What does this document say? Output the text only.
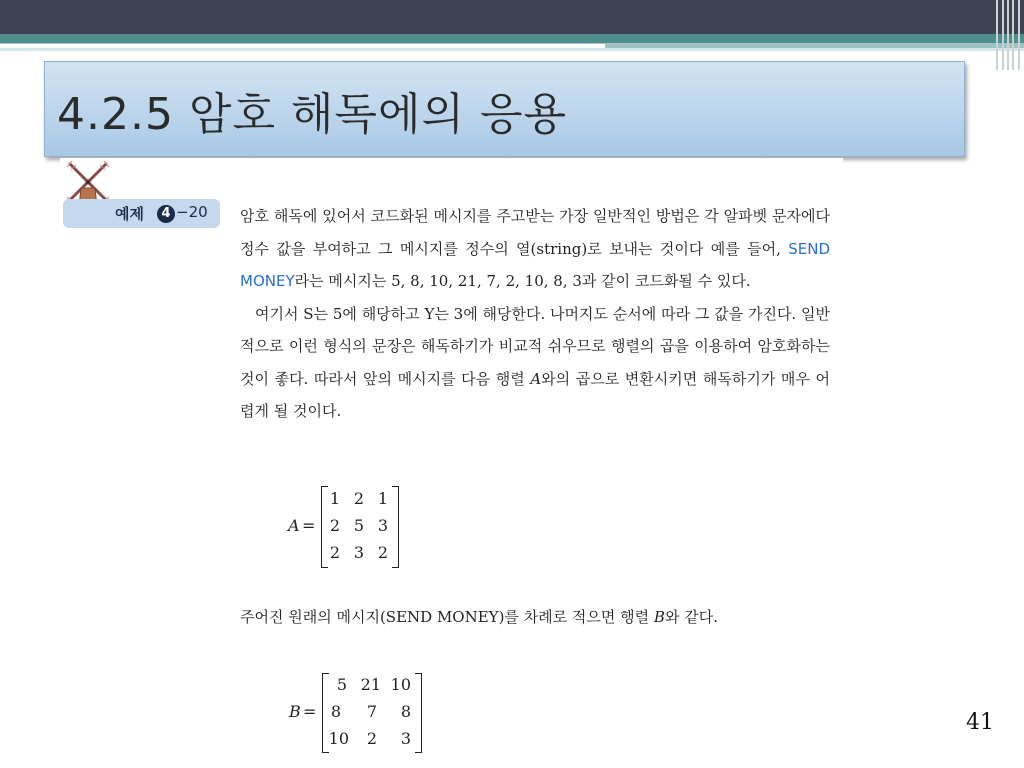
4.2.5 암호 해독에의 응용
예제	4 −20 암호 해독에 있어서 코드화된 메시지를 주고받는 가장 일반적인 방법은 각 알파벳 문자에다 정수 값을 부여하고 그 메시지를 정수의 열(string)로 보내는 것이다 예를 들어, SEND MONEY라는 메시지는 5, 8, 10, 21, 7, 2, 10, 8, 3과 같이 코드화될 수 있다.

여기서 S는 5에 해당하고 Y는 3에 해당한다. 나머지도 순서에 따라 그 값을 가진다. 일반적으로 이런 형식의 문장은 해독하기가 비교적 쉬우므로 행렬의 곱을 이용하여 암호화하는 것이 좋다. 따라서 앞의 메시지를 다음 행렬 A와의 곱으로 변환시키면 해독하기가 매우 어렵게 될 것이다.

A =
1 2 1
2 5 3
2 3 2

주어진 원래의 메시지(SEND MONEY)를 차례로 적으면 행렬 B와 같다.

B =
5 21 10
8	7	8
10	2	3
41
